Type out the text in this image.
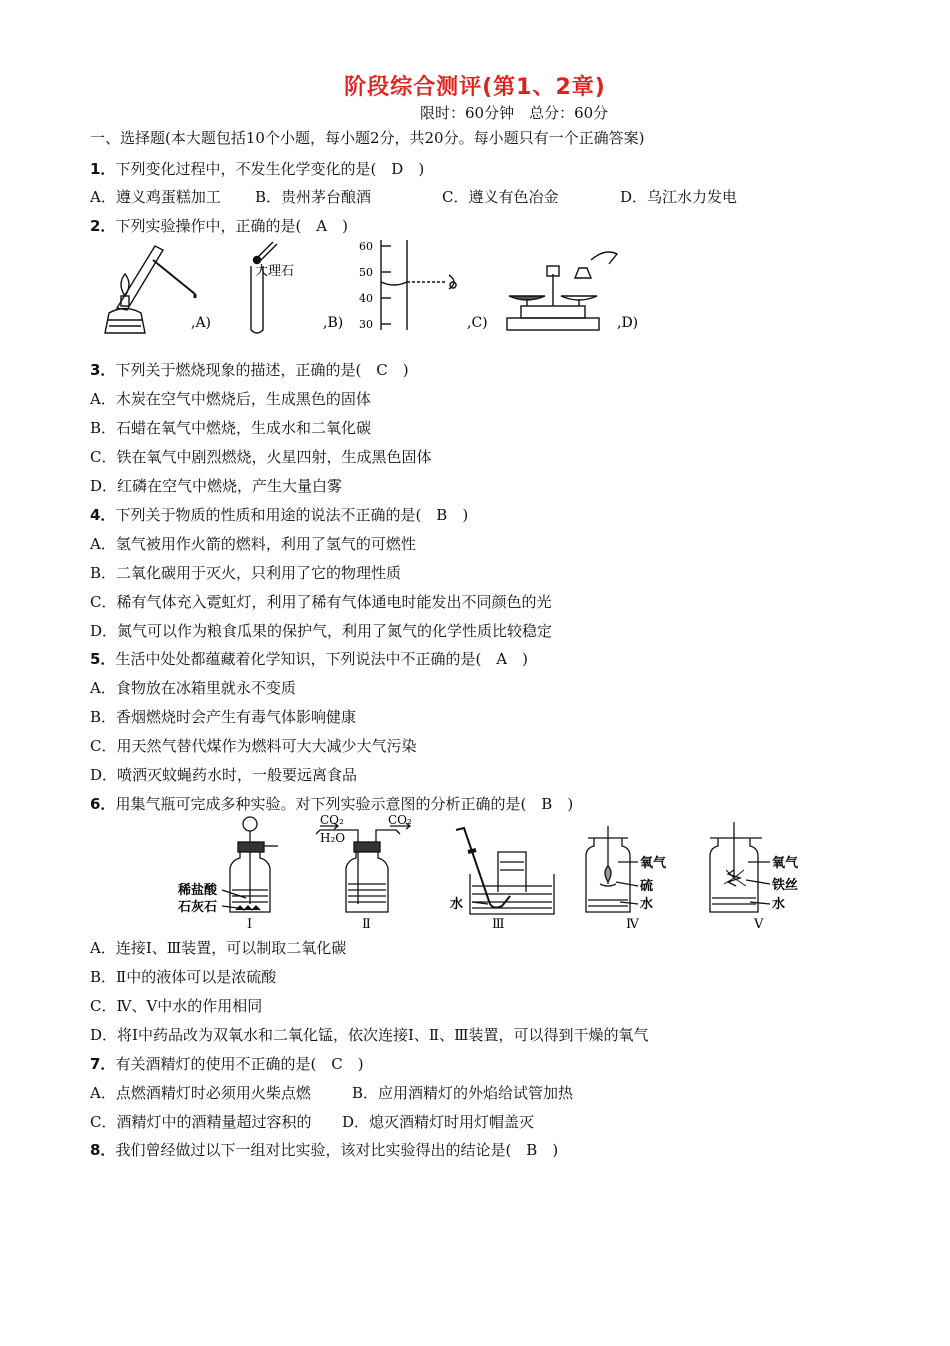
阶段综合测评(第1、2章)
限时：60分钟　总分：60分
一、选择题(本大题包括10个小题，每小题2分，共20分。每小题只有一个正确答案)
1．下列变化过程中，不发生化学变化的是(　D　)
A．遵义鸡蛋糕加工 B．贵州茅台酿酒	C．遵义有色冶金	D．乌江水力发电
2．下列实验操作中，正确的是(　A　)
,A)
大理石
,B)
60
50
40
30	,C)	,D)
3．下列关于燃烧现象的描述，正确的是(　C　)
A．木炭在空气中燃烧后，生成黑色的固体
B．石蜡在氧气中燃烧，生成水和二氧化碳
C．铁在氧气中剧烈燃烧，火星四射，生成黑色固体
D．红磷在空气中燃烧，产生大量白雾
4．下列关于物质的性质和用途的说法不正确的是(　B　)
A．氢气被用作火箭的燃料，利用了氢气的可燃性
B．二氧化碳用于灭火，只利用了它的物理性质
C．稀有气体充入霓虹灯，利用了稀有气体通电时能发出不同颜色的光
D．氮气可以作为粮食瓜果的保护气，利用了氮气的化学性质比较稳定
5．生活中处处都蕴藏着化学知识，下列说法中不正确的是(　A　)
A．食物放在冰箱里就永不变质
B．香烟燃烧时会产生有毒气体影响健康
C．用天然气替代煤作为燃料可大大减少大气污染
D．喷洒灭蚊蝇药水时，一般要远离食品
6．用集气瓶可完成多种实验。对下列实验示意图的分析正确的是(　B　)
稀盐酸
石灰石
Ⅰ
CO₂
H₂O
CO₂
Ⅱ
水
Ⅲ
氧气
硫
水
Ⅳ
氧气
铁丝
水
Ⅴ
A．连接Ⅰ、Ⅲ装置，可以制取二氧化碳
B．Ⅱ中的液体可以是浓硫酸
C．Ⅳ、Ⅴ中水的作用相同
D．将Ⅰ中药品改为双氧水和二氧化锰，依次连接Ⅰ、Ⅱ、Ⅲ装置，可以得到干燥的氧气
7．有关酒精灯的使用不正确的是(　C　)
A．点燃酒精灯时必须用火柴点燃	B．应用酒精灯的外焰给试管加热
C．酒精灯中的酒精量超过容积的 D．熄灭酒精灯时用灯帽盖灭
8．我们曾经做过以下一组对比实验，该对比实验得出的结论是(　B　)
